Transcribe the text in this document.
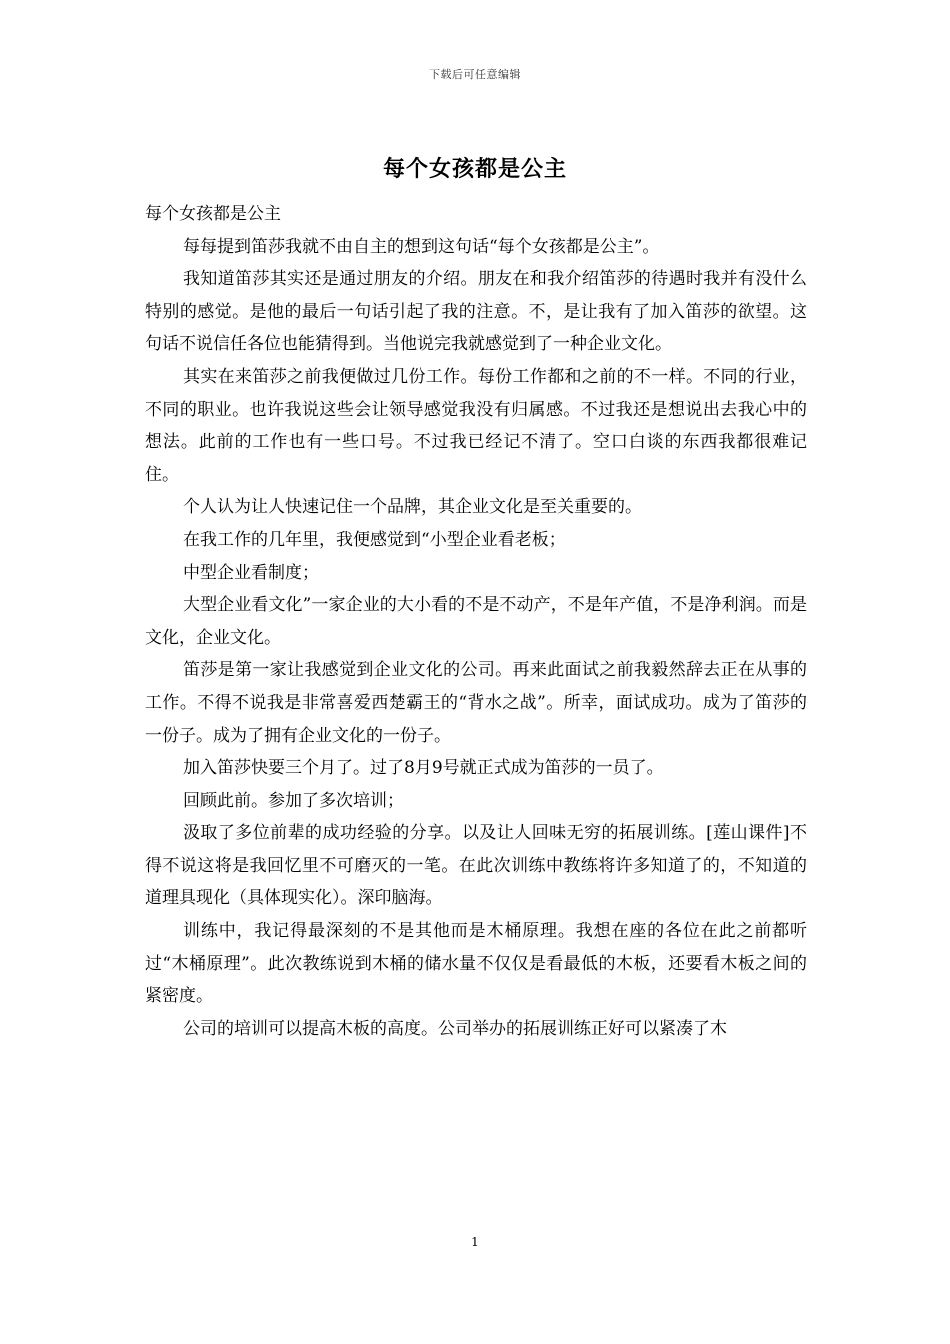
下载后可任意编辑
每个女孩都是公主

每个女孩都是公主

每每提到笛莎我就不由自主的想到这句话“每个女孩都是公主”。

我知道笛莎其实还是通过朋友的介绍。朋友在和我介绍笛莎的待遇时我并有没什么特别的感觉。是他的最后一句话引起了我的注意。不，是让我有了加入笛莎的欲望。这句话不说信任各位也能猜得到。当他说完我就感觉到了一种企业文化。

其实在来笛莎之前我便做过几份工作。每份工作都和之前的不一样。不同的行业，不同的职业。也许我说这些会让领导感觉我没有归属感。不过我还是想说出去我心中的想法。此前的工作也有一些口号。不过我已经记不清了。空口白谈的东西我都很难记住。

个人认为让人快速记住一个品牌，其企业文化是至关重要的。

在我工作的几年里，我便感觉到“小型企业看老板；

中型企业看制度；

大型企业看文化”一家企业的大小看的不是不动产，不是年产值，不是净利润。而是文化，企业文化。

笛莎是第一家让我感觉到企业文化的公司。再来此面试之前我毅然辞去正在从事的工作。不得不说我是非常喜爱西楚霸王的“背水之战”。所幸，面试成功。成为了笛莎的一份子。成为了拥有企业文化的一份子。

加入笛莎快要三个月了。过了8月9号就正式成为笛莎的一员了。

回顾此前。参加了多次培训；

汲取了多位前辈的成功经验的分享。以及让人回味无穷的拓展训练。[莲山课件]不得不说这将是我回忆里不可磨灭的一笔。在此次训练中教练将许多知道了的，不知道的道理具现化（具体现实化）。深印脑海。

训练中，我记得最深刻的不是其他而是木桶原理。我想在座的各位在此之前都听过“木桶原理”。此次教练说到木桶的储水量不仅仅是看最低的木板，还要看木板之间的紧密度。

公司的培训可以提高木板的高度。公司举办的拓展训练正好可以紧凑了木

1
